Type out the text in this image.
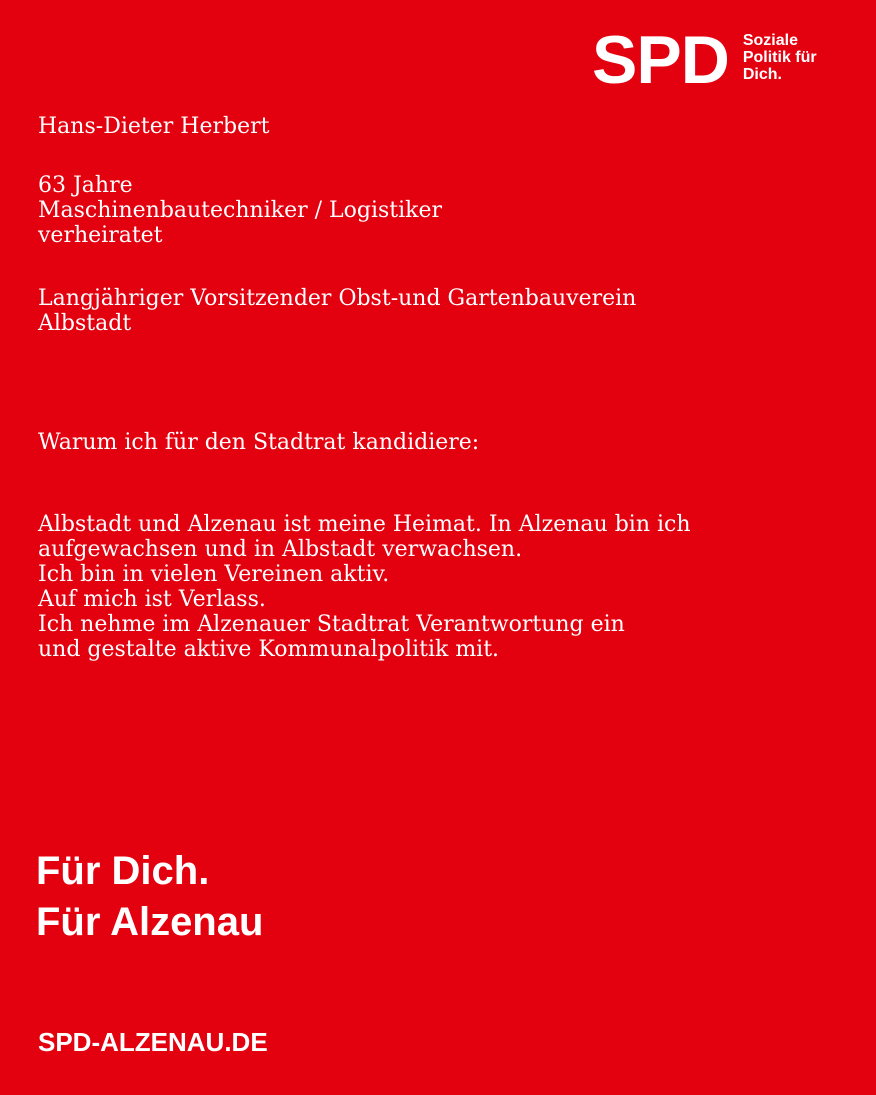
SPD Soziale
Politik für
Dich.
Hans-Dieter Herbert
63 Jahre
Maschinenbautechniker / Logistiker
verheiratet
Langjähriger Vorsitzender Obst-und Gartenbauverein
Albstadt
Warum ich für den Stadtrat kandidiere:
Albstadt und Alzenau ist meine Heimat. In Alzenau bin ich
aufgewachsen und in Albstadt verwachsen.
Ich bin in vielen Vereinen aktiv.
Auf mich ist Verlass.
Ich nehme im Alzenauer Stadtrat Verantwortung ein
und gestalte aktive Kommunalpolitik mit.
Für Dich.
Für Alzenau
SPD-ALZENAU.DE
